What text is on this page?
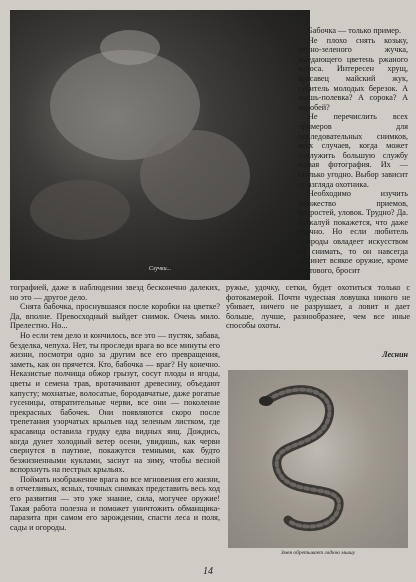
Случки...

Бабочка — только пример.

Не плохо снять козьку, темно-зеленого жучка, выедающего цветень ржаного колоса. Интересен хрущ, красавец майский жук, губитель молодых березок. А мышь-полевка? А сорока? А воробей?

Не перечислить всех примеров для последовательных снимков, всех случаев, когда может сослужить большую службу живая фотография. Их — столько угодно. Выбор зависит от взгляда охотника.

Необходимо изучить множество приемов, хитростей, уловок. Трудно? Да. Пожалуй покажется, что даже скучно. Но если любитель природы овладеет искусством ее снимать, то он навсегда покинет всякое оружие, кроме светового, бросит

тографией, даже в наблюдении звезд бесконечно далеких, но это — другое дело.

Снята бабочка, проснувшаяся после коробки на цветке? Да, вполне. Превосходный выйдет снимок. Очень мило. Прелестно. Но...

Но если тем дело и кончилось, все это — пустяк, забава, безделка, чепуха. Нет, ты проследи врага во все минуты его жизни, посмотри одно за другим все его превращения, заметь, как он прячется. Кто, бабочка — враг? Ну конечно. Неказистые полчища обжор грызут, сосут плоды и ягоды, цветы и семена трав, вротачивают древесину, объедают капусту; мохнатые, волосатые, бородавчатые, даже рогатые гусеницы, отвратительные черви, все они — поколение прекрасных бабочек. Они появляются скоро после трепетания узорчатых крыльев над зеленым листком, где красавица оставила грудку едва видных яиц. Дождись, когда дунет холодный ветер осени, увидишь, как черви свернутся в паутине, покажутся темными, как будто безжизненными куклами, заснут на зиму, чтобы весной вспорхнуть на пестрых крыльях.

Поймать изображение врага во все мгновения его жизни, в отчетливых, ясных, точных снимках представить весь ход его развития — это уже знание, сила, могучее оружие! Такая работа полезна и поможет уничтожить обманщика-паразита при самом его зарождении, спасти леса и поля, сады и огороды.

ружье, удочку, сетки, будет охотиться только с фотокамерой. Почти чудесная ловушка никого не убивает, ничего не разрушает, а ловит и дает больше, лучше, разнообразнее, чем все иные способы охоты.

Леснин
Змея обретывает гадюю мышу
14
